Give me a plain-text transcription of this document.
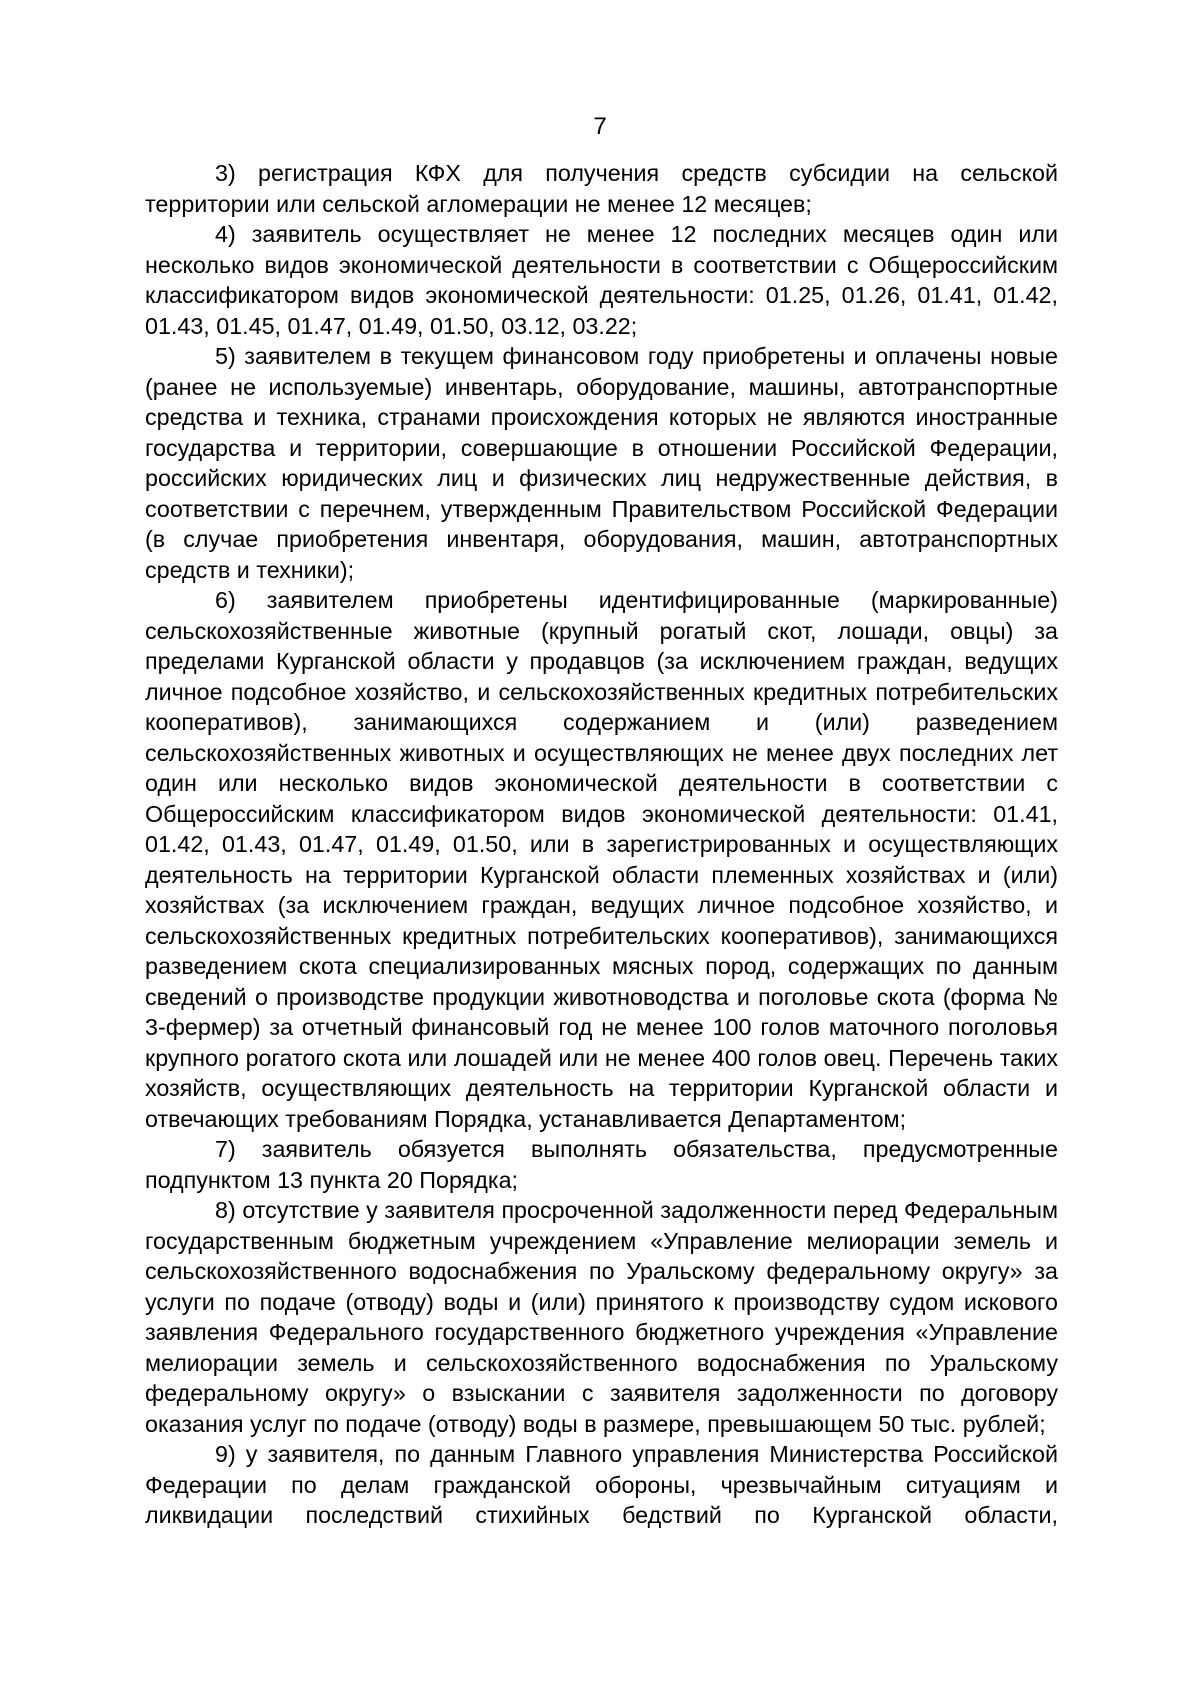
7

3) регистрация КФХ для получения средств субсидии на сельской территории или сельской агломерации не менее 12 месяцев;

4) заявитель осуществляет не менее 12 последних месяцев один или несколько видов экономической деятельности в соответствии с Общероссийским классификатором видов экономической деятельности: 01.25, 01.26, 01.41, 01.42, 01.43, 01.45, 01.47, 01.49, 01.50, 03.12, 03.22;

5) заявителем в текущем финансовом году приобретены и оплачены новые (ранее не используемые) инвентарь, оборудование, машины, автотранспортные средства и техника, странами происхождения которых не являются иностранные государства и территории, совершающие в отношении Российской Федерации, российских юридических лиц и физических лиц недружественные действия, в соответствии с перечнем, утвержденным Правительством Российской Федерации (в случае приобретения инвентаря, оборудования, машин, автотранспортных средств и техники);

6) заявителем приобретены идентифицированные (маркированные) сельскохозяйственные животные (крупный рогатый скот, лошади, овцы) за пределами Курганской области у продавцов (за исключением граждан, ведущих личное подсобное хозяйство, и сельскохозяйственных кредитных потребительских кооперативов), занимающихся содержанием и (или) разведением сельскохозяйственных животных и осуществляющих не менее двух последних лет один или несколько видов экономической деятельности в соответствии с Общероссийским классификатором видов экономической деятельности: 01.41, 01.42, 01.43, 01.47, 01.49, 01.50, или в зарегистрированных и осуществляющих деятельность на территории Курганской области племенных хозяйствах и (или) хозяйствах (за исключением граждан, ведущих личное подсобное хозяйство, и сельскохозяйственных кредитных потребительских кооперативов), занимающихся разведением скота специализированных мясных пород, содержащих по данным сведений о производстве продукции животноводства и поголовье скота (форма № 3-фермер) за отчетный финансовый год не менее 100 голов маточного поголовья крупного рогатого скота или лошадей или не менее 400 голов овец. Перечень таких хозяйств, осуществляющих деятельность на территории Курганской области и отвечающих требованиям Порядка, устанавливается Департаментом;

7) заявитель обязуется выполнять обязательства, предусмотренные подпунктом 13 пункта 20 Порядка;

8) отсутствие у заявителя просроченной задолженности перед Федеральным государственным бюджетным учреждением «Управление мелиорации земель и сельскохозяйственного водоснабжения по Уральскому федеральному округу» за услуги по подаче (отводу) воды и (или) принятого к производству судом искового заявления Федерального государственного бюджетного учреждения «Управление мелиорации земель и сельскохозяйственного водоснабжения по Уральскому федеральному округу» о взыскании с заявителя задолженности по договору оказания услуг по подаче (отводу) воды в размере, превышающем 50 тыс. рублей;

9) у заявителя, по данным Главного управления Министерства Российской Федерации по делам гражданской обороны, чрезвычайным ситуациям и ликвидации последствий стихийных бедствий по Курганской области,
